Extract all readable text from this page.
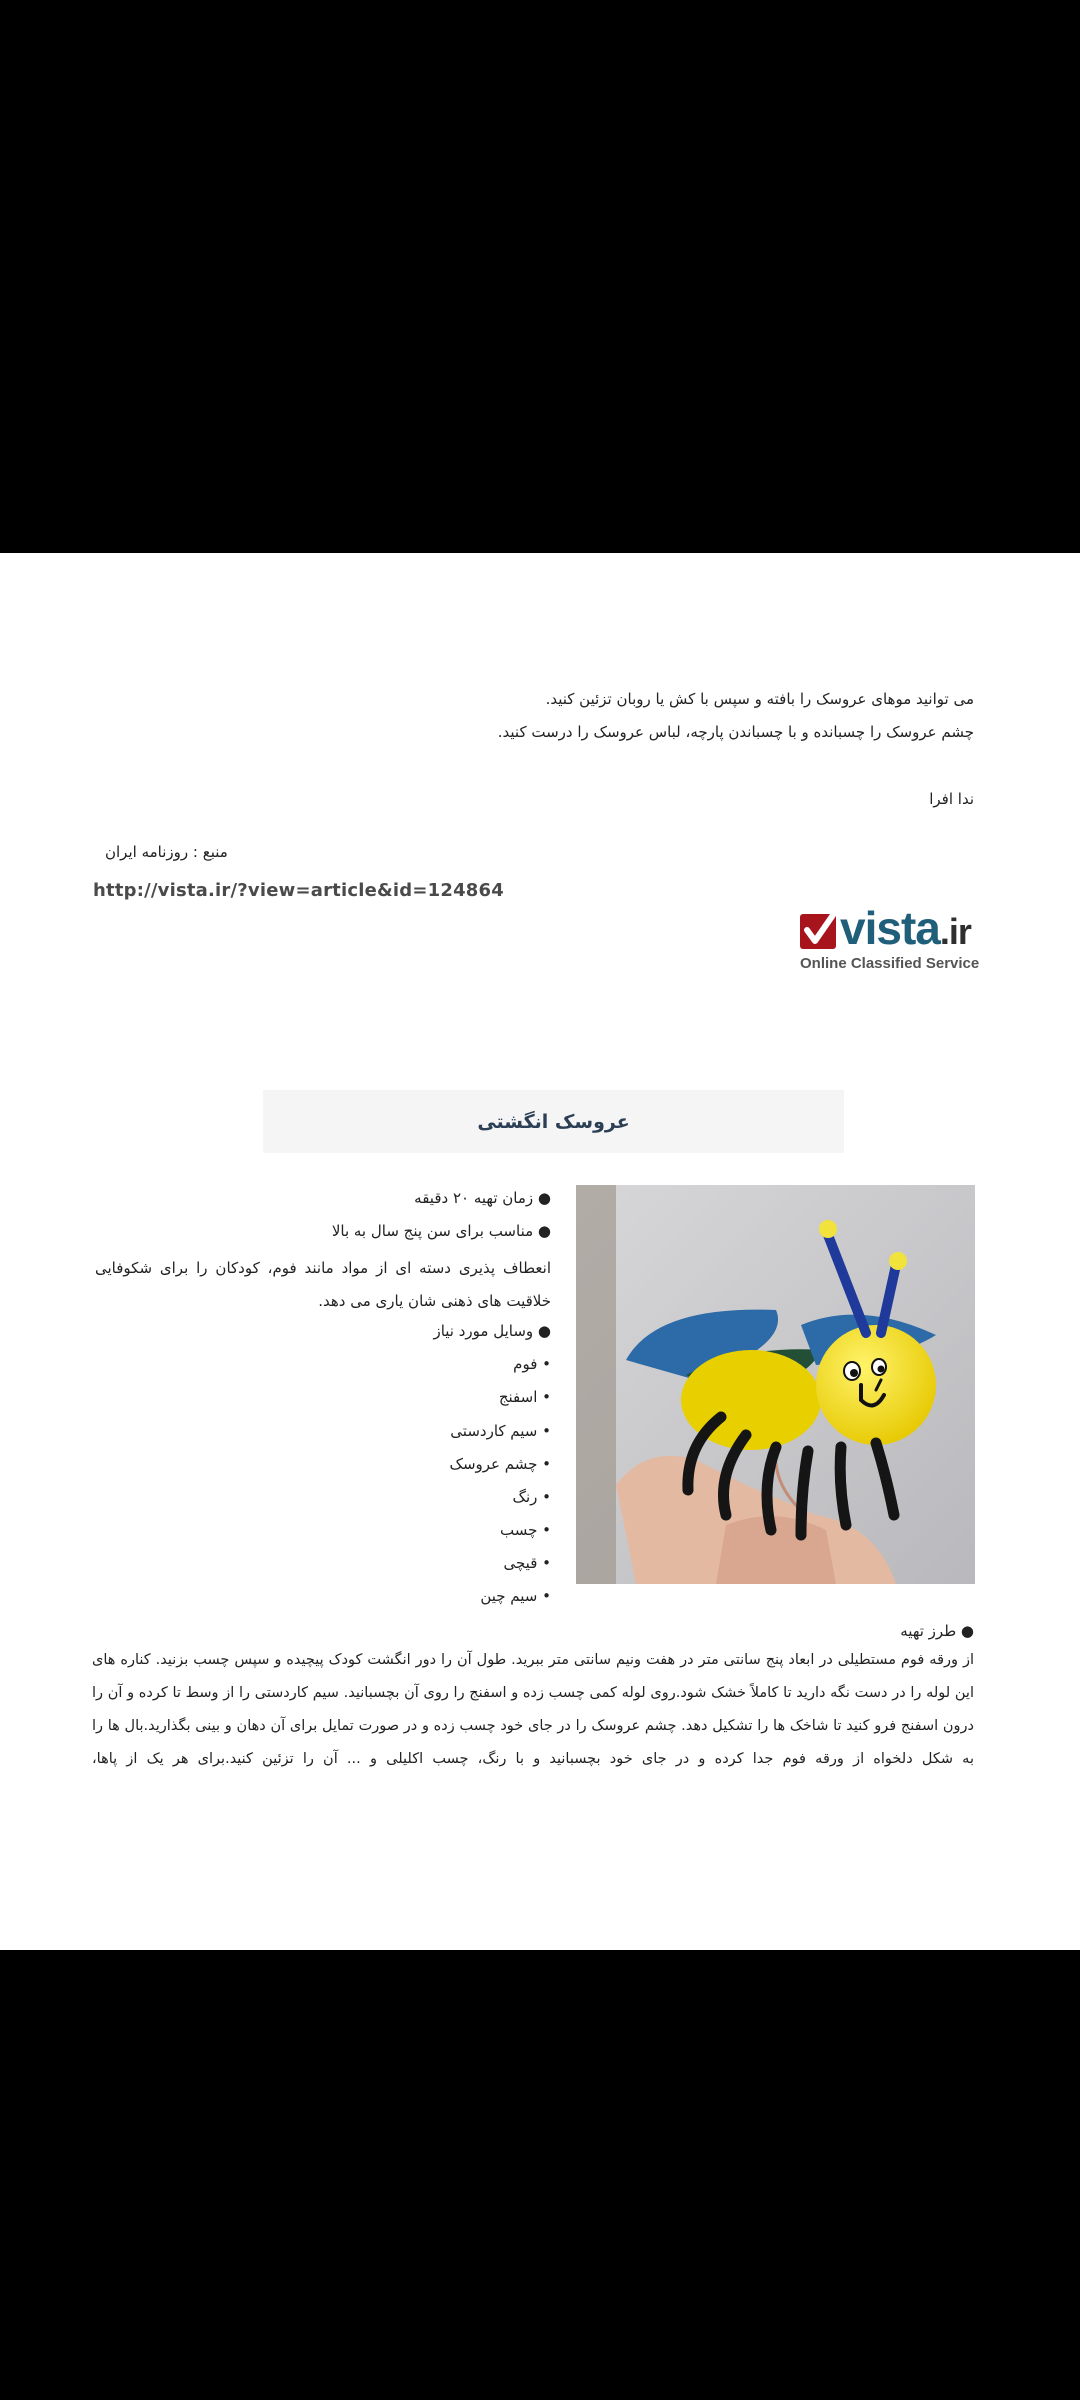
می توانید موهای عروسک را بافته و سپس با کش یا روبان تزئین کنید.
چشم عروسک را چسبانده و با چسباندن پارچه، لباس عروسک را درست کنید.
ندا افرا
منبع : روزنامه ایران
http://vista.ir/?view=article&id=124864
vista.ir
Online Classified Service
عروسک انگشتی
● زمان تهیه ۲۰ دقیقه
● مناسب برای سن پنج سال به بالا
انعطاف پذیری دسته ای از مواد مانند فوم، کودکان را برای شکوفایی خلاقیت های ذهنی شان یاری می دهد.
● وسایل مورد نیاز
• فوم
• اسفنج
• سیم کاردستی
• چشم عروسک
• رنگ
• چسب
• قیچی
• سیم چین
● طرز تهیه
از ورقه فوم مستطیلی در ابعاد پنج سانتی متر در هفت ونیم سانتی متر ببرید. طول آن را دور انگشت کودک پیچیده و سپس چسب بزنید. کناره های این لوله را در دست نگه دارید تا کاملاً خشک شود.روی لوله کمی چسب زده و اسفنج را روی آن بچسبانید. سیم کاردستی را از وسط تا کرده و آن را درون اسفنج فرو کنید تا شاخک ها را تشکیل دهد. چشم عروسک را در جای خود چسب زده و در صورت تمایل برای آن دهان و بینی بگذارید.بال ها را به شکل دلخواه از ورقه فوم جدا کرده و در جای خود بچسبانید و با رنگ، چسب اکلیلی و ... آن را تزئین کنید.برای هر یک از پاها،
